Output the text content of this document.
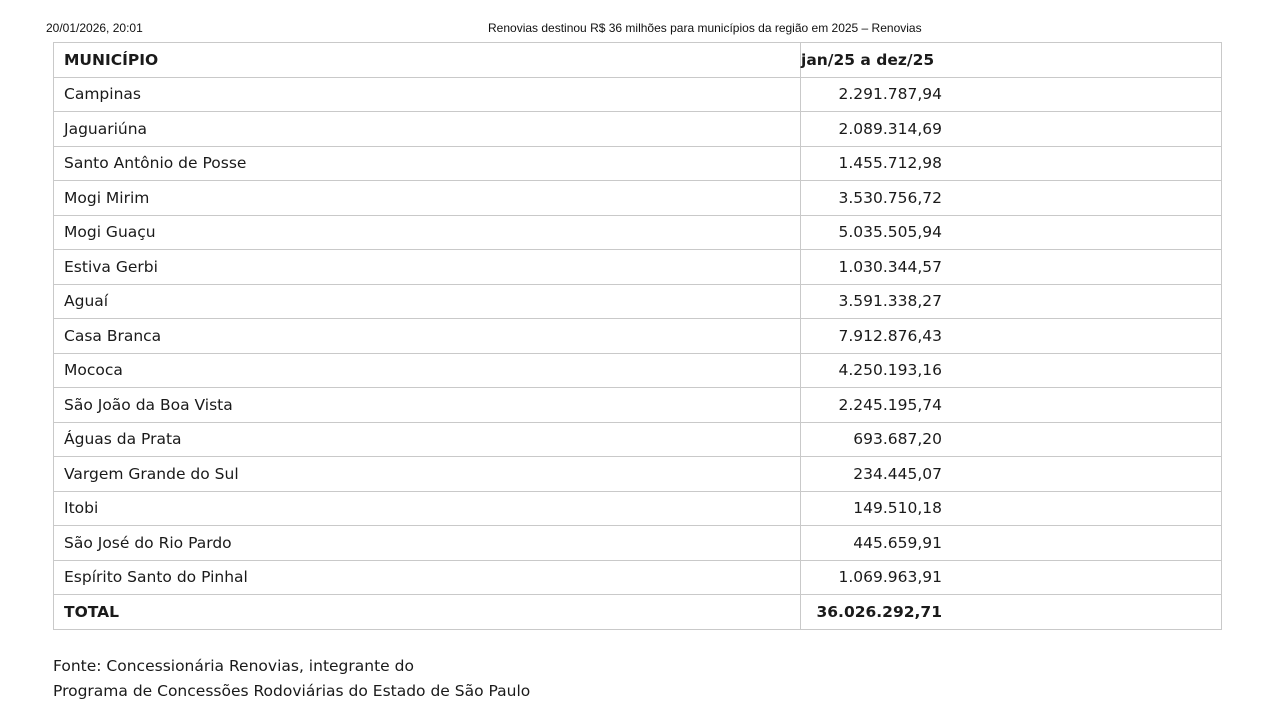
20/01/2026, 20:01	Renovias destinou R$ 36 milhões para municípios da região em 2025 – Renovias
MUNICÍPIO	jan/25 a dez/25
Campinas	2.291.787,94
Jaguariúna	2.089.314,69
Santo Antônio de Posse	1.455.712,98
Mogi Mirim	3.530.756,72
Mogi Guaçu	5.035.505,94
Estiva Gerbi	1.030.344,57
Aguaí	3.591.338,27
Casa Branca	7.912.876,43
Mococa	4.250.193,16
São João da Boa Vista	2.245.195,74
Águas da Prata	693.687,20
Vargem Grande do Sul	234.445,07
Itobi	149.510,18
São José do Rio Pardo	445.659,91
Espírito Santo do Pinhal	1.069.963,91
TOTAL	36.026.292,71
Fonte: Concessionária Renovias, integrante do
Programa de Concessões Rodoviárias do Estado de São Paulo
